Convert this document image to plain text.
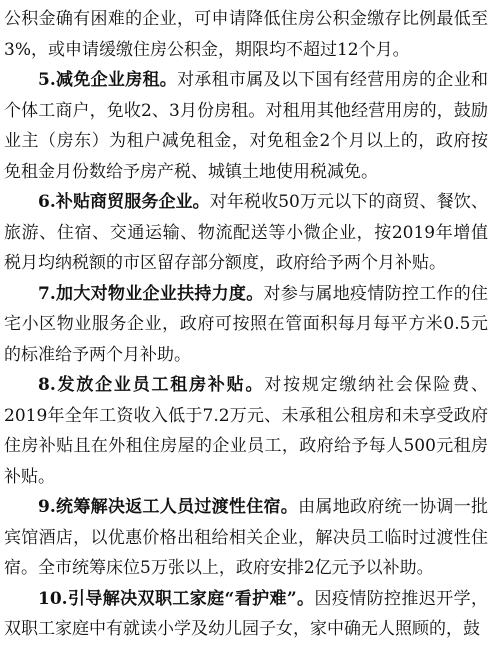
公积金确有困难的企业，可申请降低住房公积金缴存比例最低至3%，或申请缓缴住房公积金，期限均不超过12个月。

5.减免企业房租。对承租市属及以下国有经营用房的企业和个体工商户，免收2、3月份房租。对租用其他经营用房的，鼓励业主（房东）为租户减免租金，对免租金2个月以上的，政府按免租金月份数给予房产税、城镇土地使用税减免。

6.补贴商贸服务企业。对年税收50万元以下的商贸、餐饮、旅游、住宿、交通运输、物流配送等小微企业，按2019年增值税月均纳税额的市区留存部分额度，政府给予两个月补贴。

7.加大对物业企业扶持力度。对参与属地疫情防控工作的住宅小区物业服务企业，政府可按照在管面积每月每平方米0.5元的标准给予两个月补助。

8.发放企业员工租房补贴。对按规定缴纳社会保险费、2019年全年工资收入低于7.2万元、未承租公租房和未享受政府住房补贴且在外租住房屋的企业员工，政府给予每人500元租房补贴。

9.统筹解决返工人员过渡性住宿。由属地政府统一协调一批宾馆酒店，以优惠价格出租给相关企业，解决员工临时过渡性住宿。全市统筹床位5万张以上，政府安排2亿元予以补助。

10.引导解决双职工家庭“看护难”。因疫情防控推迟开学，双职工家庭中有就读小学及幼儿园子女，家中确无人照顾的，鼓
